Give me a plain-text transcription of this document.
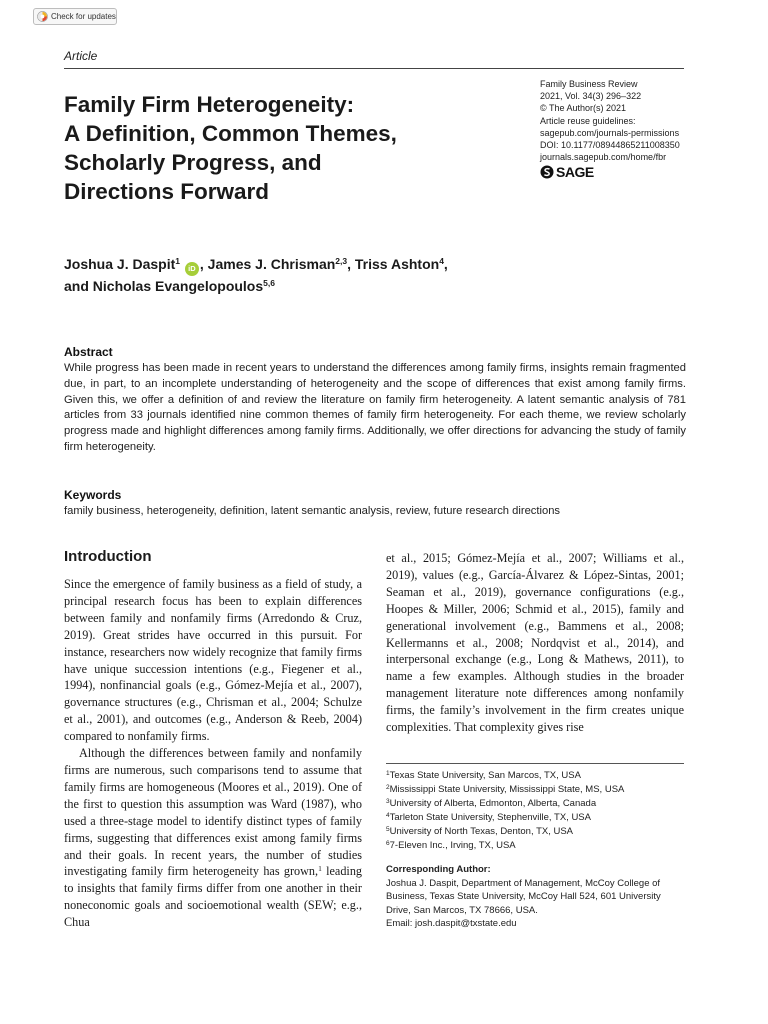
Check for updates
Article
Family Firm Heterogeneity:
A Definition, Common Themes,
Scholarly Progress, and
Directions Forward
Family Business Review
2021, Vol. 34(3) 296–322
© The Author(s) 2021
Article reuse guidelines:
sagepub.com/journals-permissions
DOI: 10.1177/08944865211008350
journals.sagepub.com/home/fbr
SAGE
Joshua J. Daspit$^1$ iD , James J. Chrisman$^{2,3}$, Triss Ashton$^4$,
and Nicholas Evangelopoulos$^{5,6}$
Abstract
While progress has been made in recent years to understand the differences among family firms, insights remain fragmented due, in part, to an incomplete understanding of heterogeneity and the scope of differences that exist among family firms. Given this, we offer a definition of and review the literature on family firm heterogeneity. A latent semantic analysis of 781 articles from 33 journals identified nine common themes of family firm heterogeneity. For each theme, we review scholarly progress made and highlight differences among family firms. Additionally, we offer directions for advancing the study of family firm heterogeneity.
Keywords
family business, heterogeneity, definition, latent semantic analysis, review, future research directions
Introduction

Since the emergence of family business as a field of study, a principal research focus has been to explain differences between family and nonfamily firms (Arredondo & Cruz, 2019). Great strides have occurred in this pursuit. For instance, researchers now widely recognize that family firms have unique succession intentions (e.g., Fiegener et al., 1994), nonfinancial goals (e.g., Gómez-Mejía et al., 2007), governance structures (e.g., Chrisman et al., 2004; Schulze et al., 2001), and outcomes (e.g., Anderson & Reeb, 2004) compared to nonfamily firms.

Although the differences between family and nonfamily firms are numerous, such comparisons tend to assume that family firms are homogeneous (Moores et al., 2019). One of the first to question this assumption was Ward (1987), who used a three-stage model to identify distinct types of family firms, suggesting that differences exist among family firms and their goals. In recent years, the number of studies investigating family firm heterogeneity has grown,$^1$ leading to insights that family firms differ from one another in their noneconomic goals and socioemotional wealth (SEW; e.g., Chua

et al., 2015; Gómez-Mejía et al., 2007; Williams et al., 2019), values (e.g., García-Álvarez & López-Sintas, 2001; Seaman et al., 2019), governance configurations (e.g., Hoopes & Miller, 2006; Schmid et al., 2015), family and generational involvement (e.g., Bammens et al., 2008; Kellermanns et al., 2008; Nordqvist et al., 2014), and interpersonal exchange (e.g., Long & Mathews, 2011), to name a few examples. Although studies in the broader management literature note differences among nonfamily firms, the family’s involvement in the firm creates unique complexities. That complexity gives rise

$^1$Texas State University, San Marcos, TX, USA
$^2$Mississippi State University, Mississippi State, MS, USA
$^3$University of Alberta, Edmonton, Alberta, Canada
$^4$Tarleton State University, Stephenville, TX, USA
$^5$University of North Texas, Denton, TX, USA
$^6$7-Eleven Inc., Irving, TX, USA
Corresponding Author:
Joshua J. Daspit, Department of Management, McCoy College of
Business, Texas State University, McCoy Hall 524, 601 University
Drive, San Marcos, TX 78666, USA.
Email: josh.daspit@txstate.edu
